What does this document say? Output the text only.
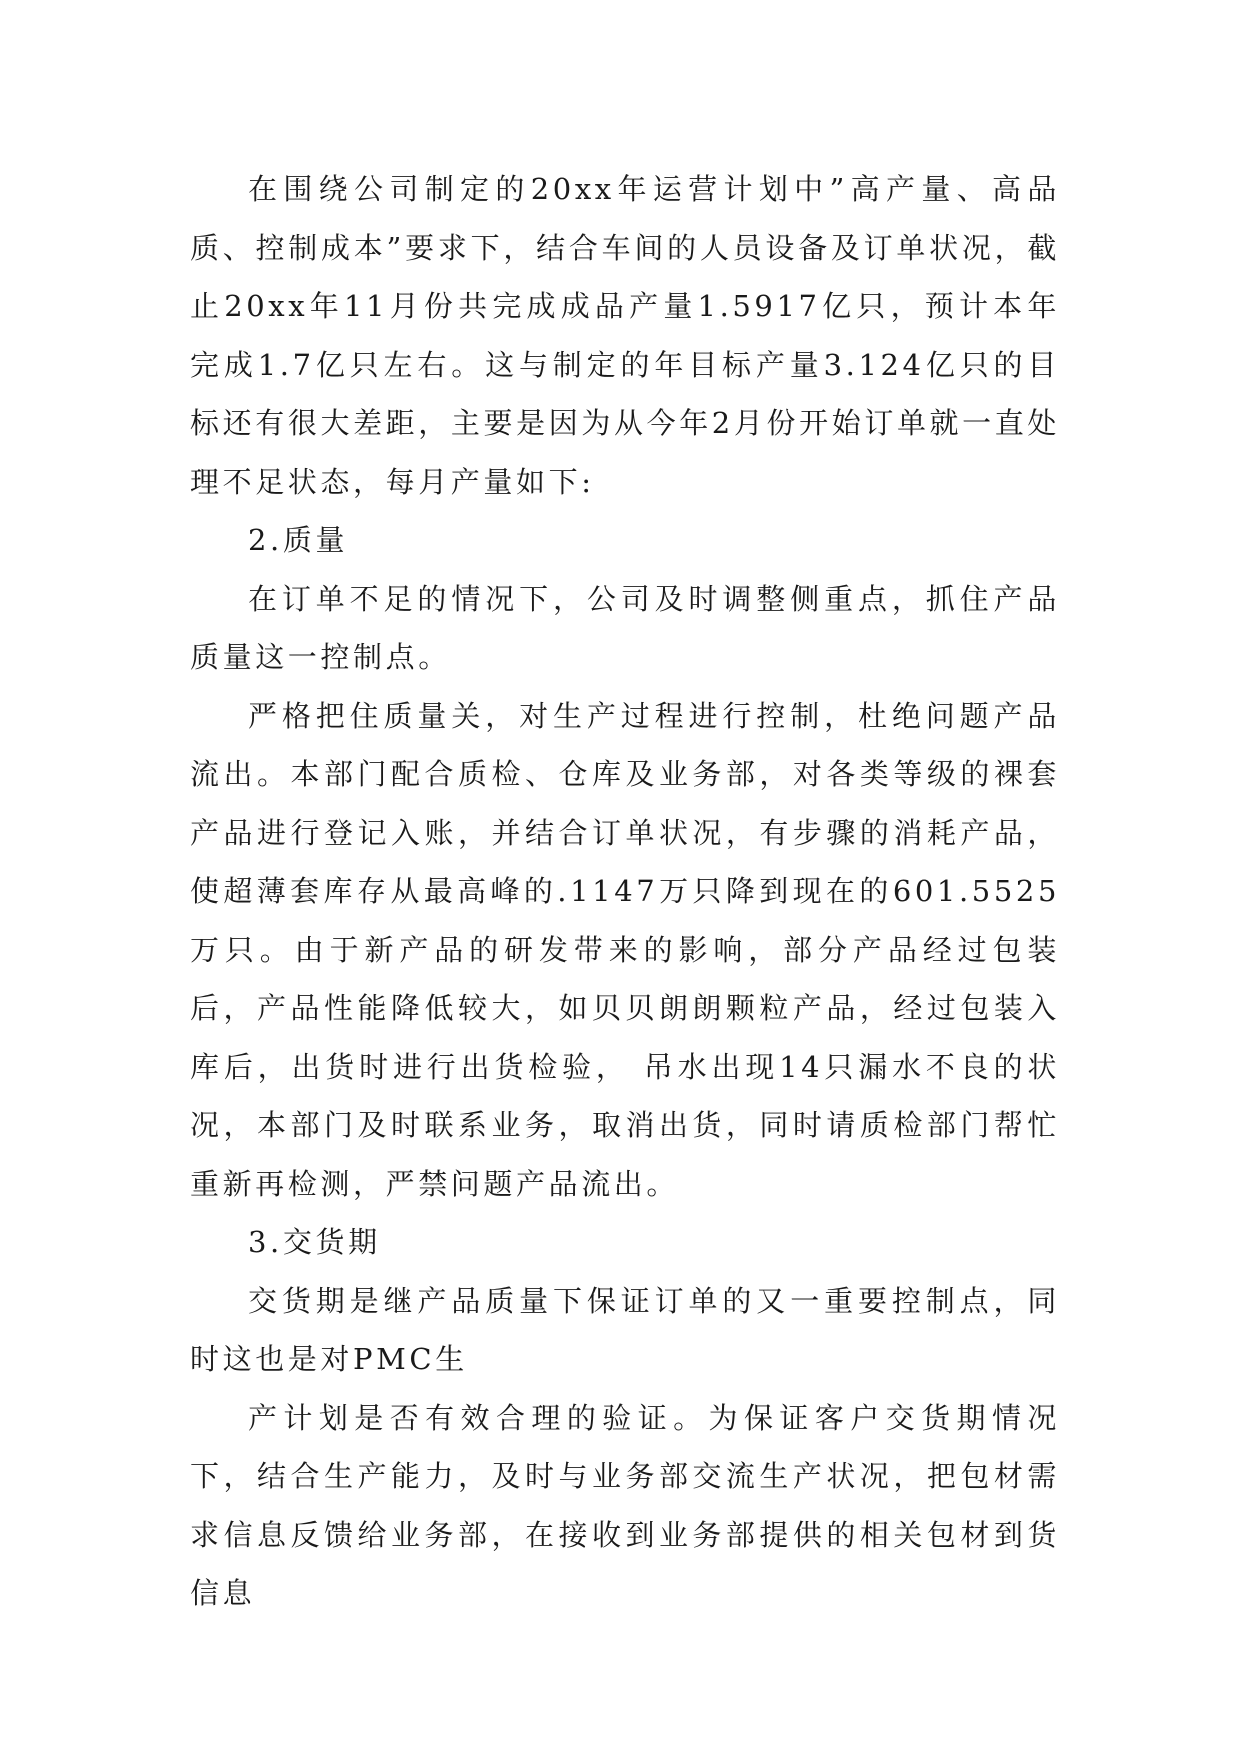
在围绕公司制定的20xx年运营计划中”高产量、高品质、控制成本”要求下，结合车间的人员设备及订单状况，截止20xx年11月份共完成成品产量1.5917亿只，预计本年完成1.7亿只左右。这与制定的年目标产量3.124亿只的目标还有很大差距，主要是因为从今年2月份开始订单就一直处理不足状态，每月产量如下:

2.质量

在订单不足的情况下，公司及时调整侧重点，抓住产品质量这一控制点。

严格把住质量关，对生产过程进行控制，杜绝问题产品流出。本部门配合质检、仓库及业务部，对各类等级的裸套产品进行登记入账，并结合订单状况，有步骤的消耗产品，使超薄套库存从最高峰的.1147万只降到现在的601.5525万只。由于新产品的研发带来的影响，部分产品经过包装后，产品性能降低较大，如贝贝朗朗颗粒产品，经过包装入库后，出货时进行出货检验， 吊水出现14只漏水不良的状况，本部门及时联系业务，取消出货，同时请质检部门帮忙重新再检测，严禁问题产品流出。

3.交货期

交货期是继产品质量下保证订单的又一重要控制点，同时这也是对PMC生

产计划是否有效合理的验证。为保证客户交货期情况下，结合生产能力，及时与业务部交流生产状况，把包材需求信息反馈给业务部，在接收到业务部提供的相关包材到货信息
